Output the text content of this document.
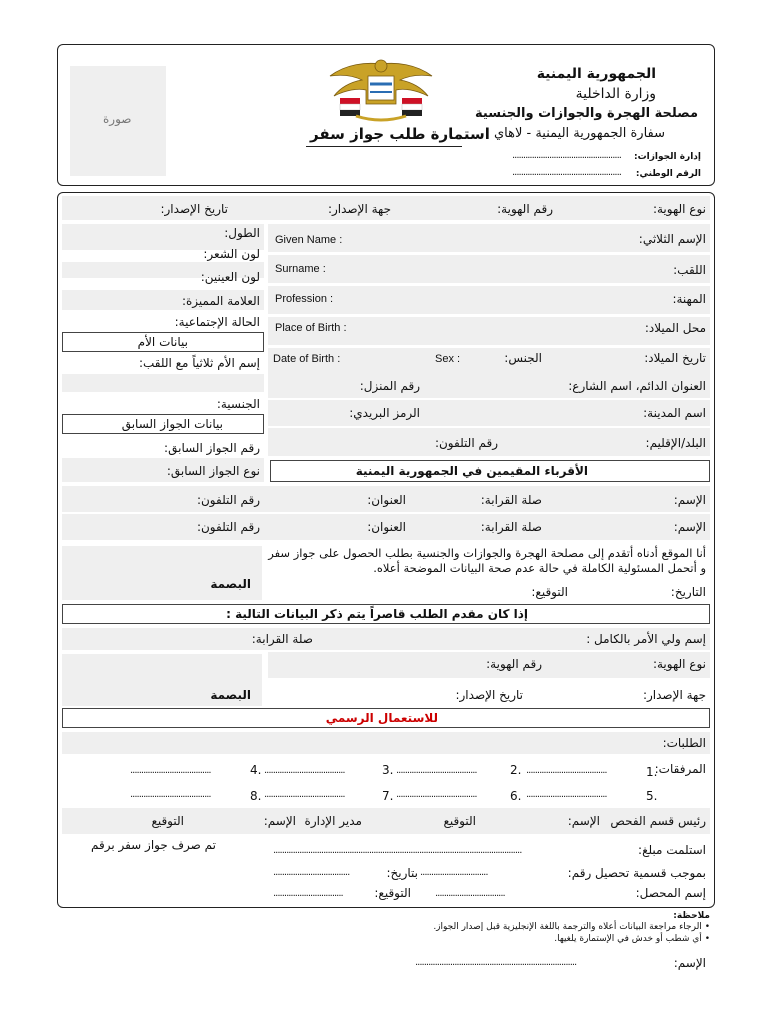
صورة
استمارة طلب جواز سفر
الجمهورية اليمنية
وزارة الداخلية
مصلحة الهجرة والجوازات والجنسية
سفارة الجمهورية اليمنية - لاهاي
إدارة الجوازات:
..................................................
الرقم الوطني:
..................................................
نوع الهوية:
رقم الهوية:
جهة الإصدار:
تاريخ الإصدار:
الإسم الثلاثي:
Given Name :
اللقب:
Surname :
المهنة:
Profession :
محل الميلاد:
Place of Birth :
تاريخ الميلاد:
الجنس:
Sex :
Date of Birth :
العنوان الدائم، اسم الشارع:
رقم المنزل:
اسم المدينة:
الرمز البريدي:
البلد/الإقليم:
رقم التلفون:
الطول:
لون الشعر:
لون العينين:
العلامة المميزة:
الحالة الإجتماعية:
بيانات الأم
إسم الأم ثلاثياً مع اللقب:
الجنسية:
بيانات الجواز السابق
رقم الجواز السابق:
نوع الجواز السابق:	الأقرباء المقيمين في الجمهورية اليمنية
الإسم:
صلة القرابة:
العنوان:
رقم التلفون:
الإسم:
صلة القرابة:
العنوان:
رقم التلفون:
البصمة
أنا الموقع أدناه أتقدم إلى مصلحة الهجرة والجوازات والجنسية بطلب الحصول على جواز سفر
و أتحمل المسئولية الكاملة في حالة عدم صحة البيانات الموضحة أعلاه.
التاريخ:
التوقيع:
إذا كان مقدم الطلب قاصراً يتم ذكر البيانات التالية :
إسم ولي الأمر بالكامل :
صلة القرابة:
نوع الهوية:
رقم الهوية:
جهة الإصدار:
تاريخ الإصدار:
البصمة
للاستعمال الرسمي
الطلبات:
المرفقات:
1.
.....................................
2.
.....................................
3.
.....................................
4.
.....................................
5.
6. .....................................
7. .....................................
8. .....................................
.....................................
رئيس قسم الفحص
الإسم:
التوقيع
مدير الإدارة
الإسم:
التوقيع
استلمت مبلغ:
..................................................................................................................
بموجب قسمية تحصيل رقم:
...............................
بتاريخ:
...................................
إسم المحصل:
................................
التوقيع:
................................
تم صرف جواز سفر برقم
ملاحظة:
• الرجاء مراجعة البيانات أعلاه والترجمة باللغة الإنجليزية قبل إصدار الجواز.
• أي شطب أو خدش في الإستمارة يلغيها.
الإسم:
..........................................................................
